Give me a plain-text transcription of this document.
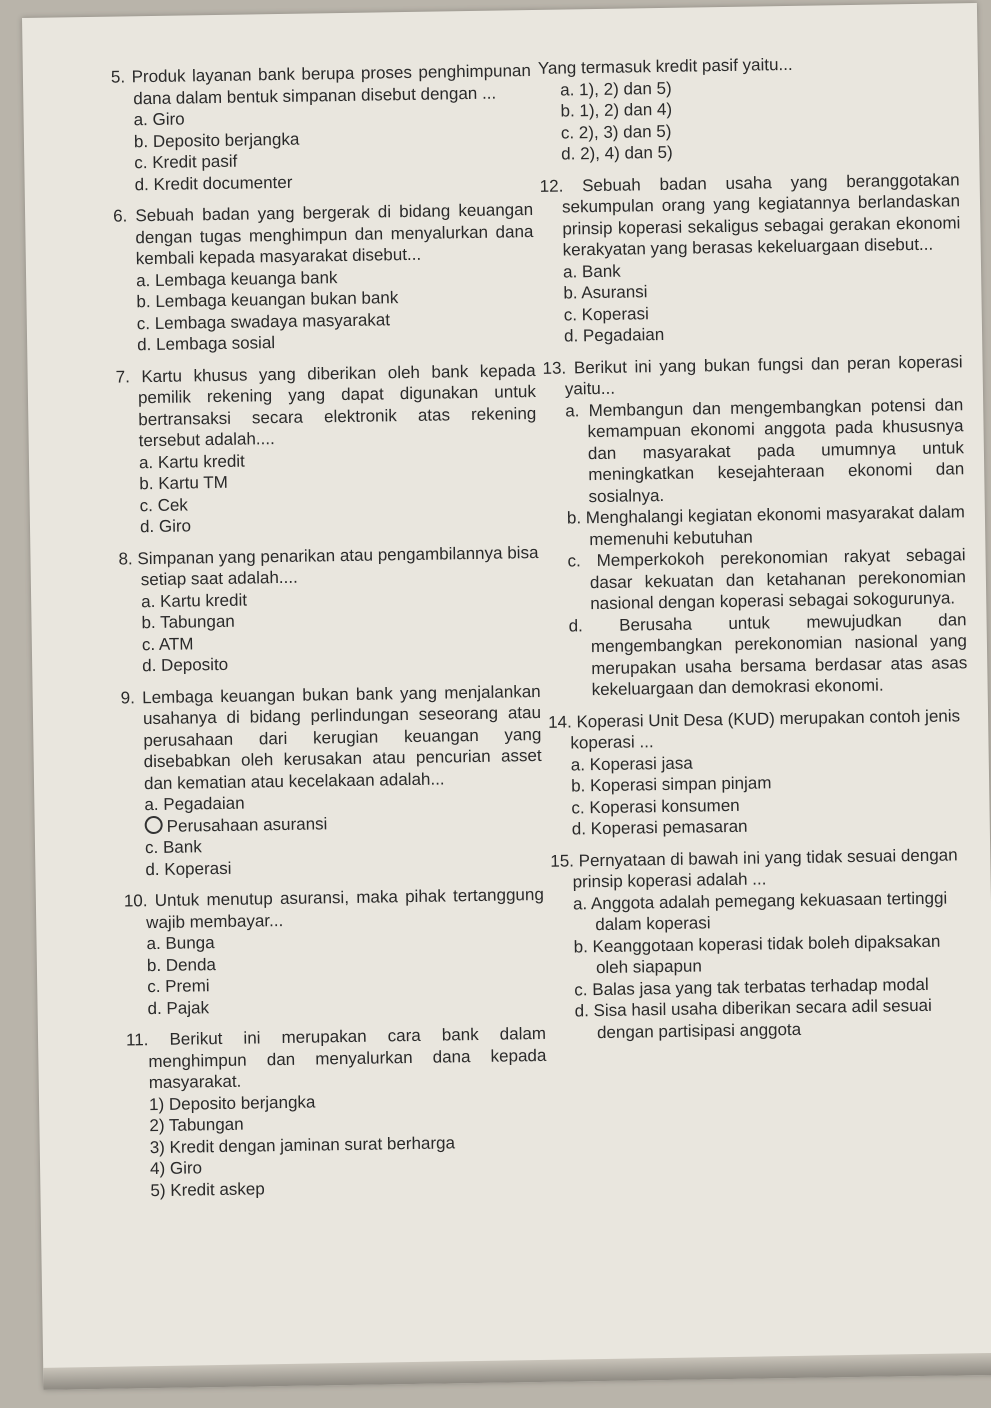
5. Produk layanan bank berupa proses penghimpunan dana dalam bentuk simpanan disebut dengan ...
a. Giro
b. Deposito berjangka
c. Kredit pasif
d. Kredit documenter
6. Sebuah badan yang bergerak di bidang keuangan dengan tugas menghimpun dan menyalurkan dana kembali kepada masyarakat disebut...
a. Lembaga keuanga bank
b. Lembaga keuangan bukan bank
c. Lembaga swadaya masyarakat
d. Lembaga sosial
7. Kartu khusus yang diberikan oleh bank kepada pemilik rekening yang dapat digunakan untuk bertransaksi secara elektronik atas rekening tersebut adalah....
a. Kartu kredit
b. Kartu TM
c. Cek
d. Giro
8. Simpanan yang penarikan atau pengambilannya bisa setiap saat adalah....
a. Kartu kredit
b. Tabungan
c. ATM
d. Deposito
9. Lembaga keuangan bukan bank yang menjalankan usahanya di bidang perlindungan seseorang atau perusahaan dari kerugian keuangan yang disebabkan oleh kerusakan atau pencurian asset dan kematian atau kecelakaan adalah...
a. Pegadaian
Perusahaan asuransi
c. Bank
d. Koperasi
10. Untuk menutup asuransi, maka pihak tertanggung wajib membayar...
a. Bunga
b. Denda
c. Premi
d. Pajak
11. Berikut ini merupakan cara bank dalam menghimpun dan menyalurkan dana kepada masyarakat.
1) Deposito berjangka
2) Tabungan
3) Kredit dengan jaminan surat berharga
4) Giro
5) Kredit askep
Yang termasuk kredit pasif yaitu...
a. 1), 2) dan 5)
b. 1), 2) dan 4)
c. 2), 3) dan 5)
d. 2), 4) dan 5)
12. Sebuah badan usaha yang beranggotakan sekumpulan orang yang kegiatannya berlandaskan prinsip koperasi sekaligus sebagai gerakan ekonomi kerakyatan yang berasas kekeluargaan disebut...
a. Bank
b. Asuransi
c. Koperasi
d. Pegadaian
13. Berikut ini yang bukan fungsi dan peran koperasi yaitu...
a. Membangun dan mengembangkan potensi dan kemampuan ekonomi anggota pada khususnya dan masyarakat pada umumnya untuk meningkatkan kesejahteraan ekonomi dan sosialnya.
b. Menghalangi kegiatan ekonomi masyarakat dalam memenuhi kebutuhan
c. Memperkokoh perekonomian rakyat sebagai dasar kekuatan dan ketahanan perekonomian nasional dengan koperasi sebagai sokogurunya.
d. Berusaha untuk mewujudkan dan mengembangkan perekonomian nasional yang merupakan usaha bersama berdasar atas asas kekeluargaan dan demokrasi ekonomi.
14. Koperasi Unit Desa (KUD) merupakan contoh jenis koperasi ...
a. Koperasi jasa
b. Koperasi simpan pinjam
c. Koperasi konsumen
d. Koperasi pemasaran
15. Pernyataan di bawah ini yang tidak sesuai dengan prinsip koperasi adalah ...
a. Anggota adalah pemegang kekuasaan tertinggi dalam koperasi
b. Keanggotaan koperasi tidak boleh dipaksakan oleh siapapun
c. Balas jasa yang tak terbatas terhadap modal
d. Sisa hasil usaha diberikan secara adil sesuai dengan partisipasi anggota
